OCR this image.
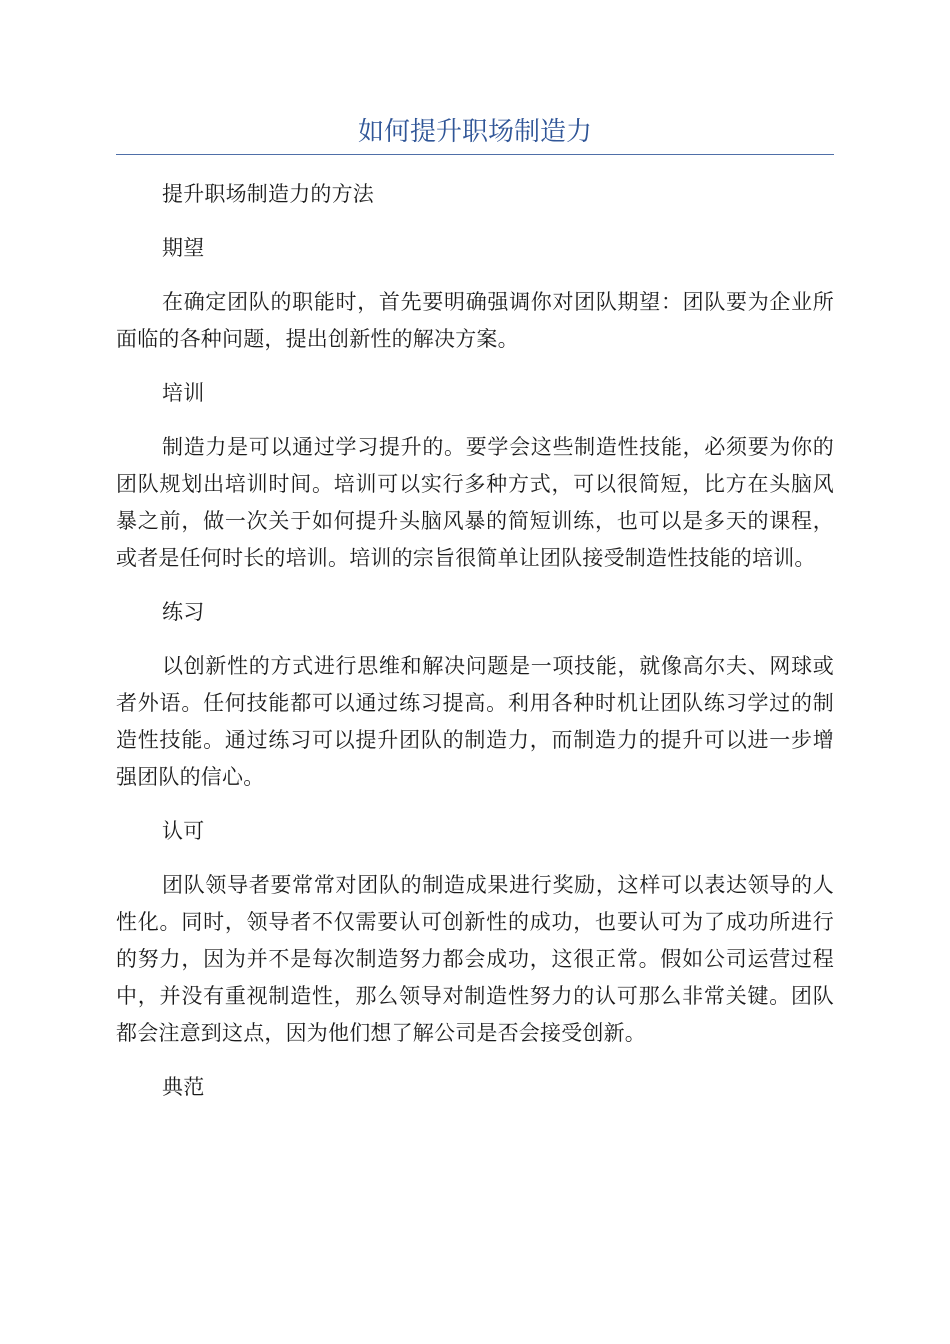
如何提升职场制造力

提升职场制造力的方法

期望

在确定团队的职能时，首先要明确强调你对团队期望：团队要为企业所面临的各种问题，提出创新性的解决方案。

培训

制造力是可以通过学习提升的。要学会这些制造性技能，必须要为你的团队规划出培训时间。培训可以实行多种方式，可以很简短，比方在头脑风暴之前，做一次关于如何提升头脑风暴的简短训练，也可以是多天的课程，或者是任何时长的培训。培训的宗旨很简单让团队接受制造性技能的培训。

练习

以创新性的方式进行思维和解决问题是一项技能，就像高尔夫、网球或者外语。任何技能都可以通过练习提高。利用各种时机让团队练习学过的制造性技能。通过练习可以提升团队的制造力，而制造力的提升可以进一步增强团队的信心。

认可

团队领导者要常常对团队的制造成果进行奖励，这样可以表达领导的人性化。同时，领导者不仅需要认可创新性的成功，也要认可为了成功所进行的努力，因为并不是每次制造努力都会成功，这很正常。假如公司运营过程中，并没有重视制造性，那么领导对制造性努力的认可那么非常关键。团队都会注意到这点，因为他们想了解公司是否会接受创新。

典范
